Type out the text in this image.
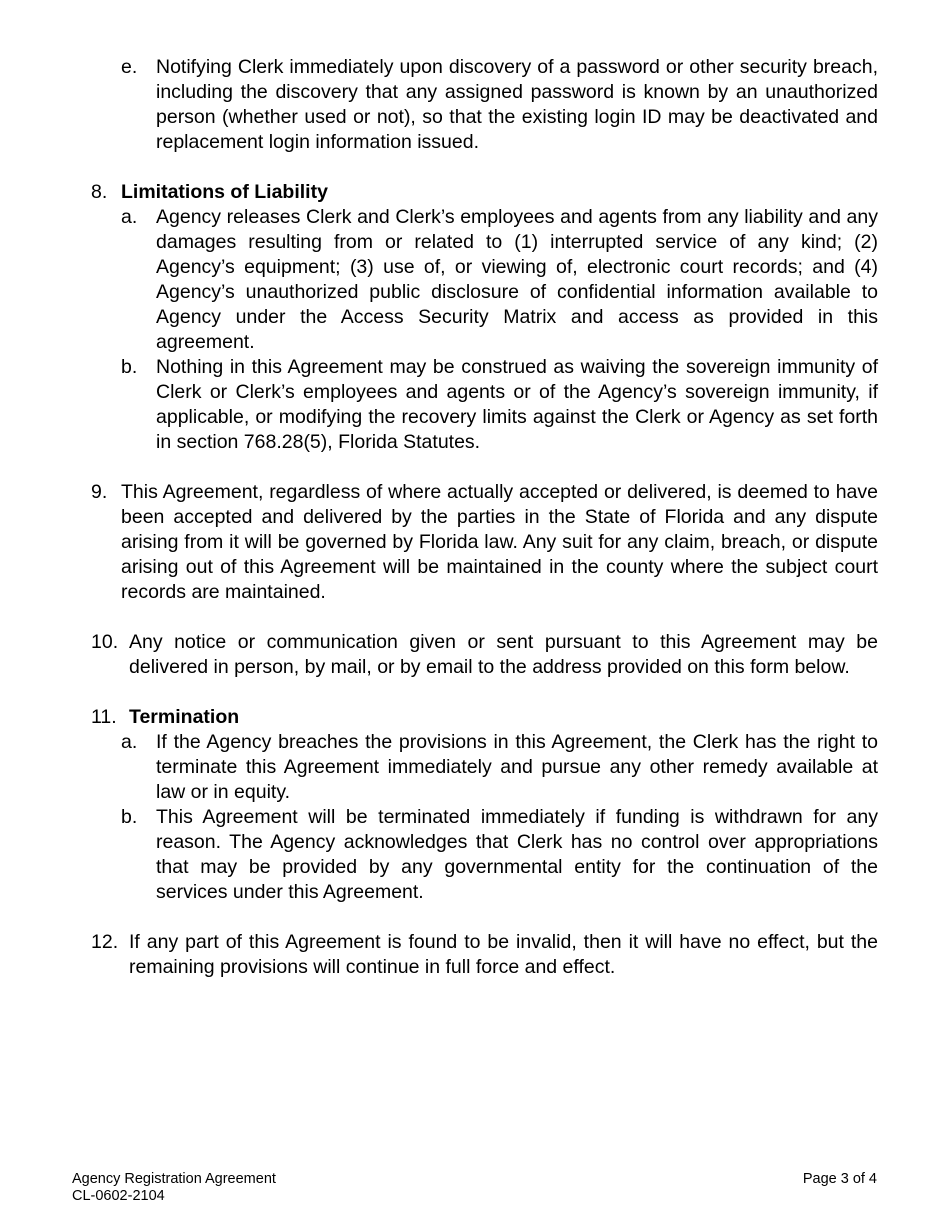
e. Notifying Clerk immediately upon discovery of a password or other security breach, including the discovery that any assigned password is known by an unauthorized person (whether used or not), so that the existing login ID may be deactivated and replacement login information issued.
8. Limitations of Liability
a. Agency releases Clerk and Clerk’s employees and agents from any liability and any damages resulting from or related to (1) interrupted service of any kind; (2) Agency’s equipment; (3) use of, or viewing of, electronic court records; and (4) Agency’s unauthorized public disclosure of confidential information available to Agency under the Access Security Matrix and access as provided in this agreement.
b. Nothing in this Agreement may be construed as waiving the sovereign immunity of Clerk or Clerk’s employees and agents or of the Agency’s sovereign immunity, if applicable, or modifying the recovery limits against the Clerk or Agency as set forth in section 768.28(5), Florida Statutes.
9. This Agreement, regardless of where actually accepted or delivered, is deemed to have been accepted and delivered by the parties in the State of Florida and any dispute arising from it will be governed by Florida law. Any suit for any claim, breach, or dispute arising out of this Agreement will be maintained in the county where the subject court records are maintained.
10. Any notice or communication given or sent pursuant to this Agreement may be delivered in person, by mail, or by email to the address provided on this form below.
11. Termination
a. If the Agency breaches the provisions in this Agreement, the Clerk has the right to terminate this Agreement immediately and pursue any other remedy available at law or in equity.
b. This Agreement will be terminated immediately if funding is withdrawn for any reason. The Agency acknowledges that Clerk has no control over appropriations that may be provided by any governmental entity for the continuation of the services under this Agreement.
12. If any part of this Agreement is found to be invalid, then it will have no effect, but the remaining provisions will continue in full force and effect.
Agency Registration Agreement
CL-0602-2104
Page 3 of 4
